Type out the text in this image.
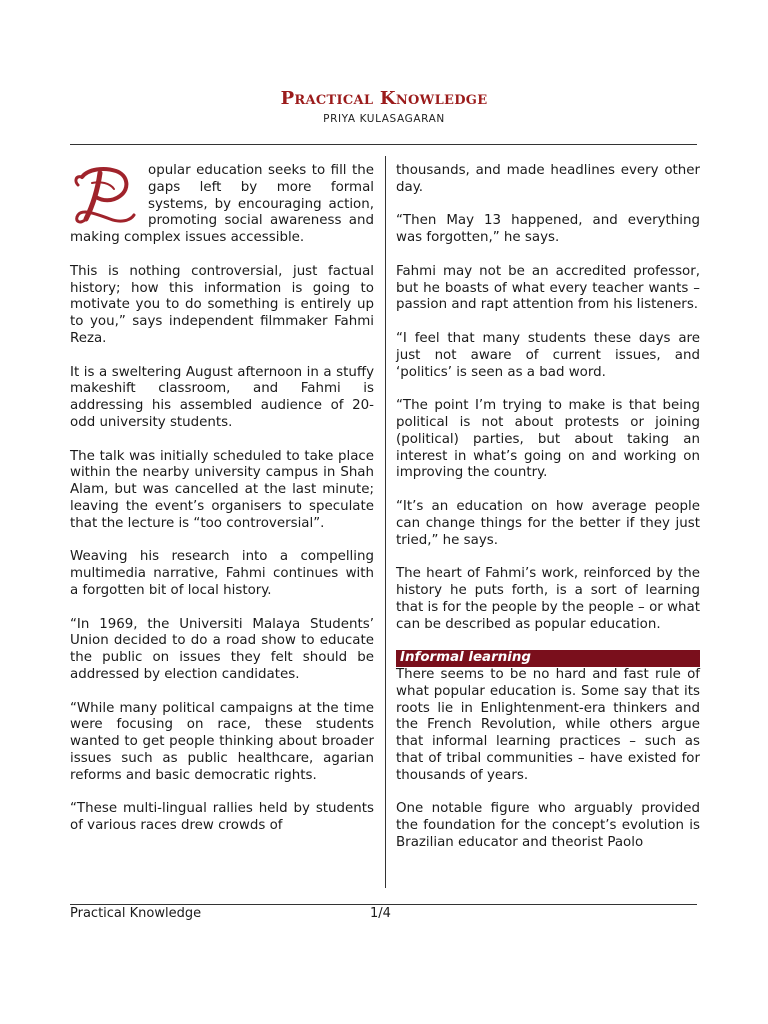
Practical Knowledge
PRIYA KULASAGARAN

opular education seeks to fill the gaps left by more formal systems, by encouraging action, promoting social awareness and making complex issues accessible.

This is nothing controversial, just factual history; how this information is going to motivate you to do something is entirely up to you,” says independent filmmaker Fahmi Reza.

It is a sweltering August afternoon in a stuffy makeshift classroom, and Fahmi is addressing his assembled audience of 20-odd university students.

The talk was initially scheduled to take place within the nearby university campus in Shah Alam, but was cancelled at the last minute; leaving the event’s organisers to speculate that the lecture is “too controversial”.

Weaving his research into a compelling multimedia narrative, Fahmi continues with a forgotten bit of local history.

“In 1969, the Universiti Malaya Students’ Union decided to do a road show to educate the public on issues they felt should be addressed by election candidates.

“While many political campaigns at the time were focusing on race, these students wanted to get people thinking about broader issues such as public healthcare, agarian reforms and basic democratic rights.

“These multi-lingual rallies held by students of various races drew crowds of

thousands, and made headlines every other day.

“Then May 13 happened, and everything was forgotten,” he says.

Fahmi may not be an accredited professor, but he boasts of what every teacher wants – passion and rapt attention from his listeners.

“I feel that many students these days are just not aware of current issues, and ‘politics’ is seen as a bad word.

“The point I’m trying to make is that being political is not about protests or joining (political) parties, but about taking an interest in what’s going on and working on improving the country.

“It’s an education on how average people can change things for the better if they just tried,” he says.

The heart of Fahmi’s work, reinforced by the history he puts forth, is a sort of learning that is for the people by the people – or what can be described as popular education.

Informal learning

There seems to be no hard and fast rule of what popular education is. Some say that its roots lie in Enlightenment-era thinkers and the French Revolution, while others argue that informal learning practices – such as that of tribal communities – have existed for thousands of years.

One notable figure who arguably provided the foundation for the concept’s evolution is Brazilian educator and theorist Paolo

Practical Knowledge	1/4
